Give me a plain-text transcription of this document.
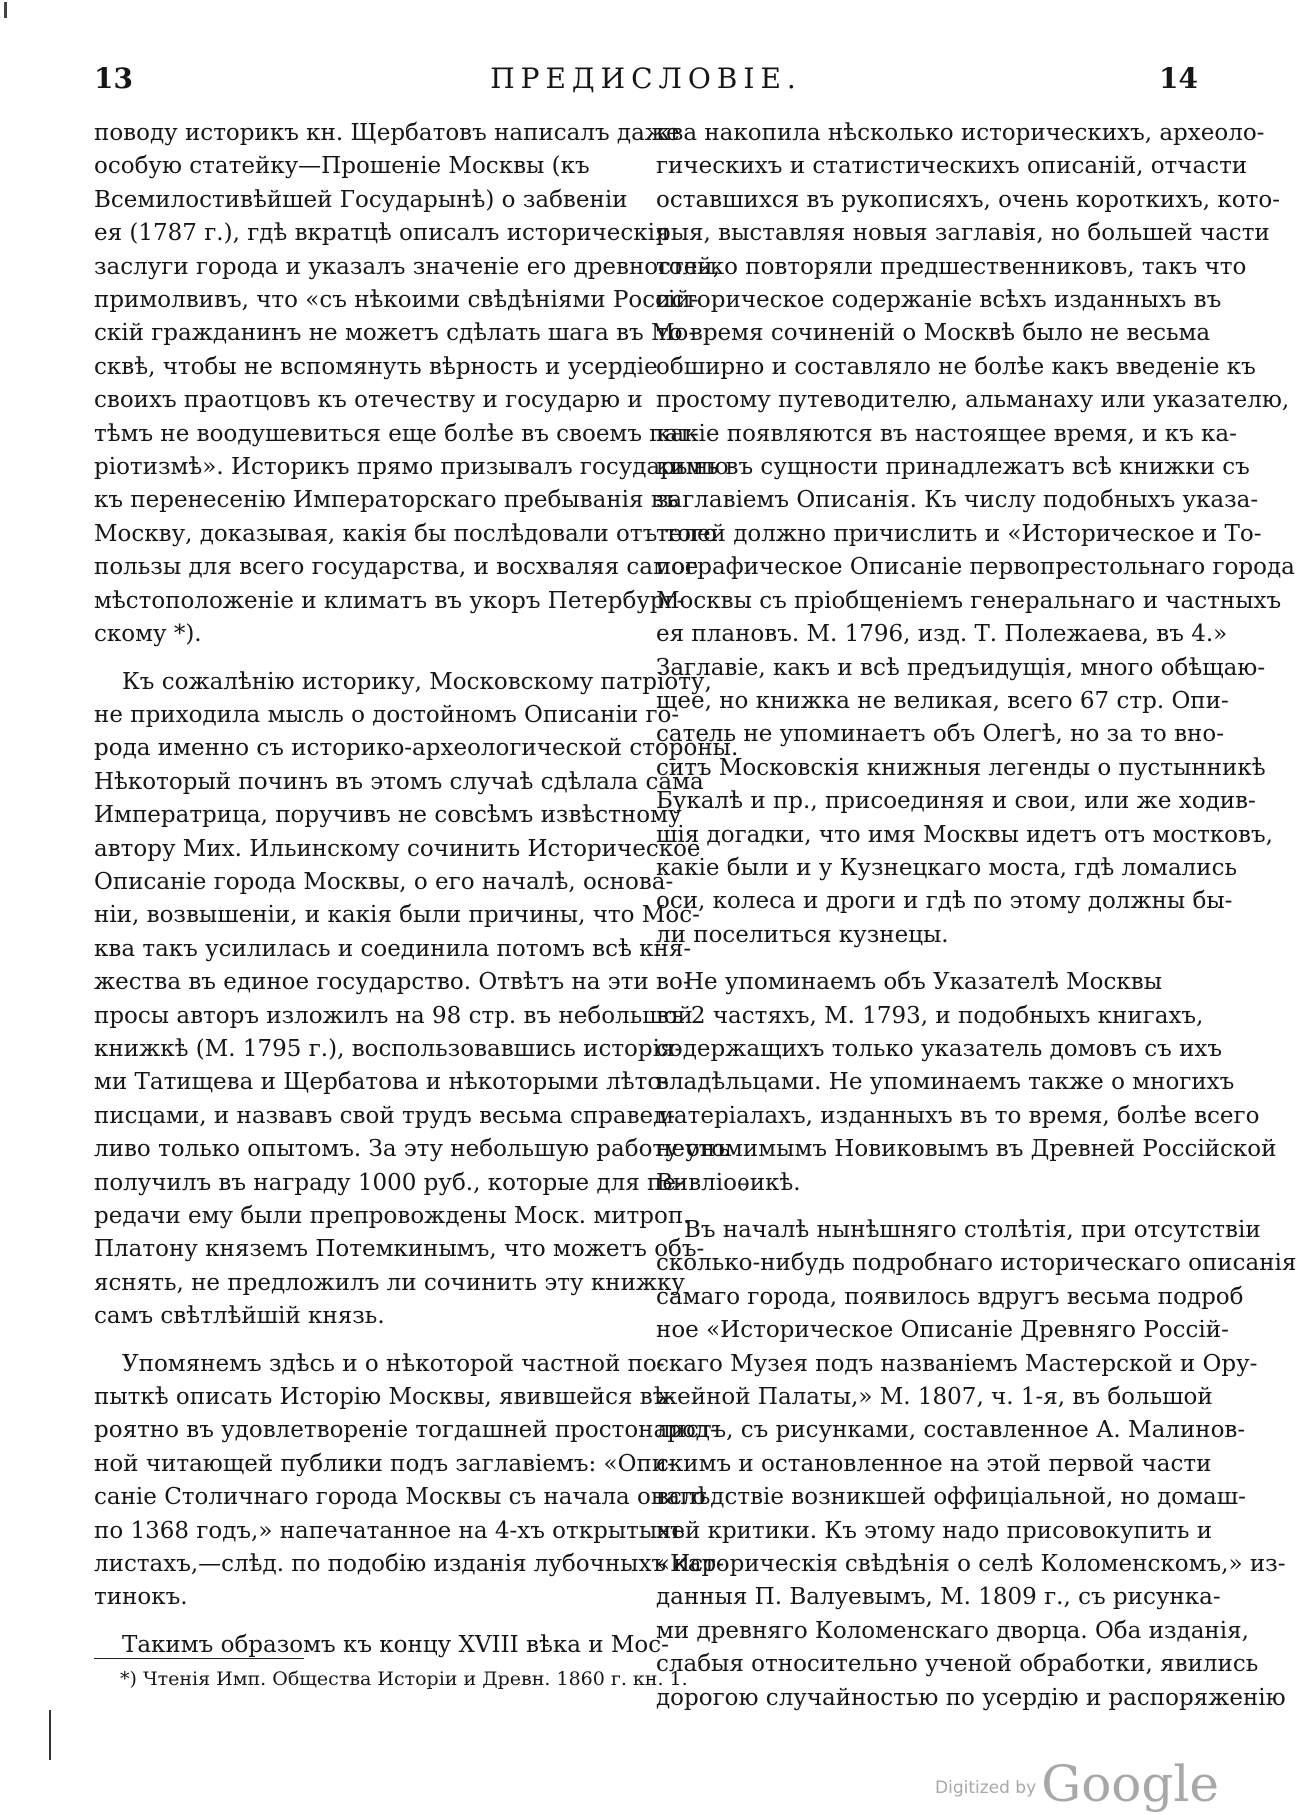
13	ПРЕДИСЛОВІЕ.	14
поводу историкъ кн. Щербатовъ написалъ даже
особую статейку—Прошеніе Москвы (къ
Всемилостивѣйшей Государынѣ) о забвеніи
ея (1787 г.), гдѣ вкратцѣ описалъ историческія
заслуги города и указалъ значеніе его древностей,
примолвивъ, что «съ нѣкоими свѣдѣніями Россій-
скій гражданинъ не можетъ сдѣлать шага въ Мо-
сквѣ, чтобы не вспомянуть вѣрность и усердіе
своихъ праотцовъ къ отечеству и государю и
тѣмъ не воодушевиться еще болѣе въ своемъ пат-
ріотизмѣ». Историкъ прямо призывалъ государыню
къ перенесенію Императорскаго пребыванія въ
Москву, доказывая, какія бы послѣдовали отъ того
пользы для всего государства, и восхваляя самое
мѣстоположеніе и климатъ въ укоръ Петербург-
скому *).
Къ сожалѣнію историку, Московскому патріоту,
не приходила мысль о достойномъ Описаніи го-
рода именно съ историко-археологической стороны.
Нѣкоторый починъ въ этомъ случаѣ сдѣлала сама
Императрица, поручивъ не совсѣмъ извѣстному
автору Мих. Ильинскому сочинить Историческое
Описаніе города Москвы, о его началѣ, основа-
ніи, возвышеніи, и какія были причины, что Мос-
ква такъ усилилась и соединила потомъ всѣ кня-
жества въ единое государство. Отвѣтъ на эти во-
просы авторъ изложилъ на 98 стр. въ небольшой
книжкѣ (М. 1795 г.), воспользовавшись исторія-
ми Татищева и Щербатова и нѣкоторыми лѣто-
писцами, и назвавъ свой трудъ весьма справед-
ливо только опытомъ. За эту небольшую работу онъ
получилъ въ награду 1000 руб., которые для пе-
редачи ему были препровождены Моск. митроп.
Платону княземъ Потемкинымъ, что можетъ объ-
яснять, не предложилъ ли сочинить эту книжку
самъ свѣтлѣйшій князь.
Упомянемъ здѣсь и о нѣкоторой частной по-
пыткѣ описать Исторію Москвы, явившейся вѣ-
роятно въ удовлетвореніе тогдашней простонарод-
ной читающей публики подъ заглавіемъ: «Опи-
саніе Столичнаго города Москвы съ начала онаго
по 1368 годъ,» напечатанное на 4-хъ открытыхъ
листахъ,—слѣд. по подобію изданія лубочныхъ кар-
тинокъ.
Такимъ образомъ къ концу XVIII вѣка и Мос-
ква накопила нѣсколько историческихъ, археоло-
гическихъ и статистическихъ описаній, отчасти
оставшихся въ рукописяхъ, очень короткихъ, кото-
рыя, выставляя новыя заглавія, но большей части
только повторяли предшественниковъ, такъ что
историческое содержаніе всѣхъ изданныхъ въ
то время сочиненій о Москвѣ было не весьма
обширно и составляло не болѣе какъ введеніе къ
простому путеводителю, альманаху или указателю,
какіе появляются въ настоящее время, и къ ка-
кимъ въ сущности принадлежатъ всѣ книжки съ
заглавіемъ Описанія. Къ числу подобныхъ указа-
телей должно причислить и «Историческое и То-
пографическое Описаніе первопрестольнаго города
Москвы съ пріобщеніемъ генеральнаго и частныхъ
ея плановъ. М. 1796, изд. Т. Полежаева, въ 4.»
Заглавіе, какъ и всѣ предъидущія, много обѣщаю-
щее, но книжка не великая, всего 67 стр. Опи-
сатель не упоминаетъ объ Олегѣ, но за то вно-
ситъ Московскія книжныя легенды о пустынникѣ
Букалѣ и пр., присоединяя и свои, или же ходив-
шія догадки, что имя Москвы идетъ отъ мостковъ,
какіе были и у Кузнецкаго моста, гдѣ ломались
оси, колеса и дроги и гдѣ по этому должны бы-
ли поселиться кузнецы.
Не упоминаемъ объ Указателѣ Москвы
въ 2 частяхъ, М. 1793, и подобныхъ книгахъ,
содержащихъ только указатель домовъ съ ихъ
владѣльцами. Не упоминаемъ также о многихъ
матеріалахъ, изданныхъ въ то время, болѣе всего
неутомимымъ Новиковымъ въ Древней Россійской
Вивліоѳикѣ.
Въ началѣ нынѣшняго столѣтія, при отсутствіи
сколько-нибудь подробнаго историческаго описанія
самаго города, появилось вдругъ весьма подроб
ное «Историческое Описаніе Древняго Россій-
скаго Музея подъ названіемъ Мастерской и Ору-
жейной Палаты,» М. 1807, ч. 1-я, въ большой
листъ, съ рисунками, составленное А. Малинов-
скимъ и остановленное на этой первой части
вслѣдствіе возникшей оффиціальной, но домаш-
ней критики. Къ этому надо присовокупить и
«Историческія свѣдѣнія о селѣ Коломенскомъ,» из-
данныя П. Валуевымъ, М. 1809 г., съ рисунка-
ми древняго Коломенскаго дворца. Оба изданія,
слабыя относительно ученой обработки, явились
дорогою случайностью по усердію и распоряженію
*) Чтенія Имп. Общества Исторіи и Древн. 1860 г. кн. 1.
Digitized by Google
